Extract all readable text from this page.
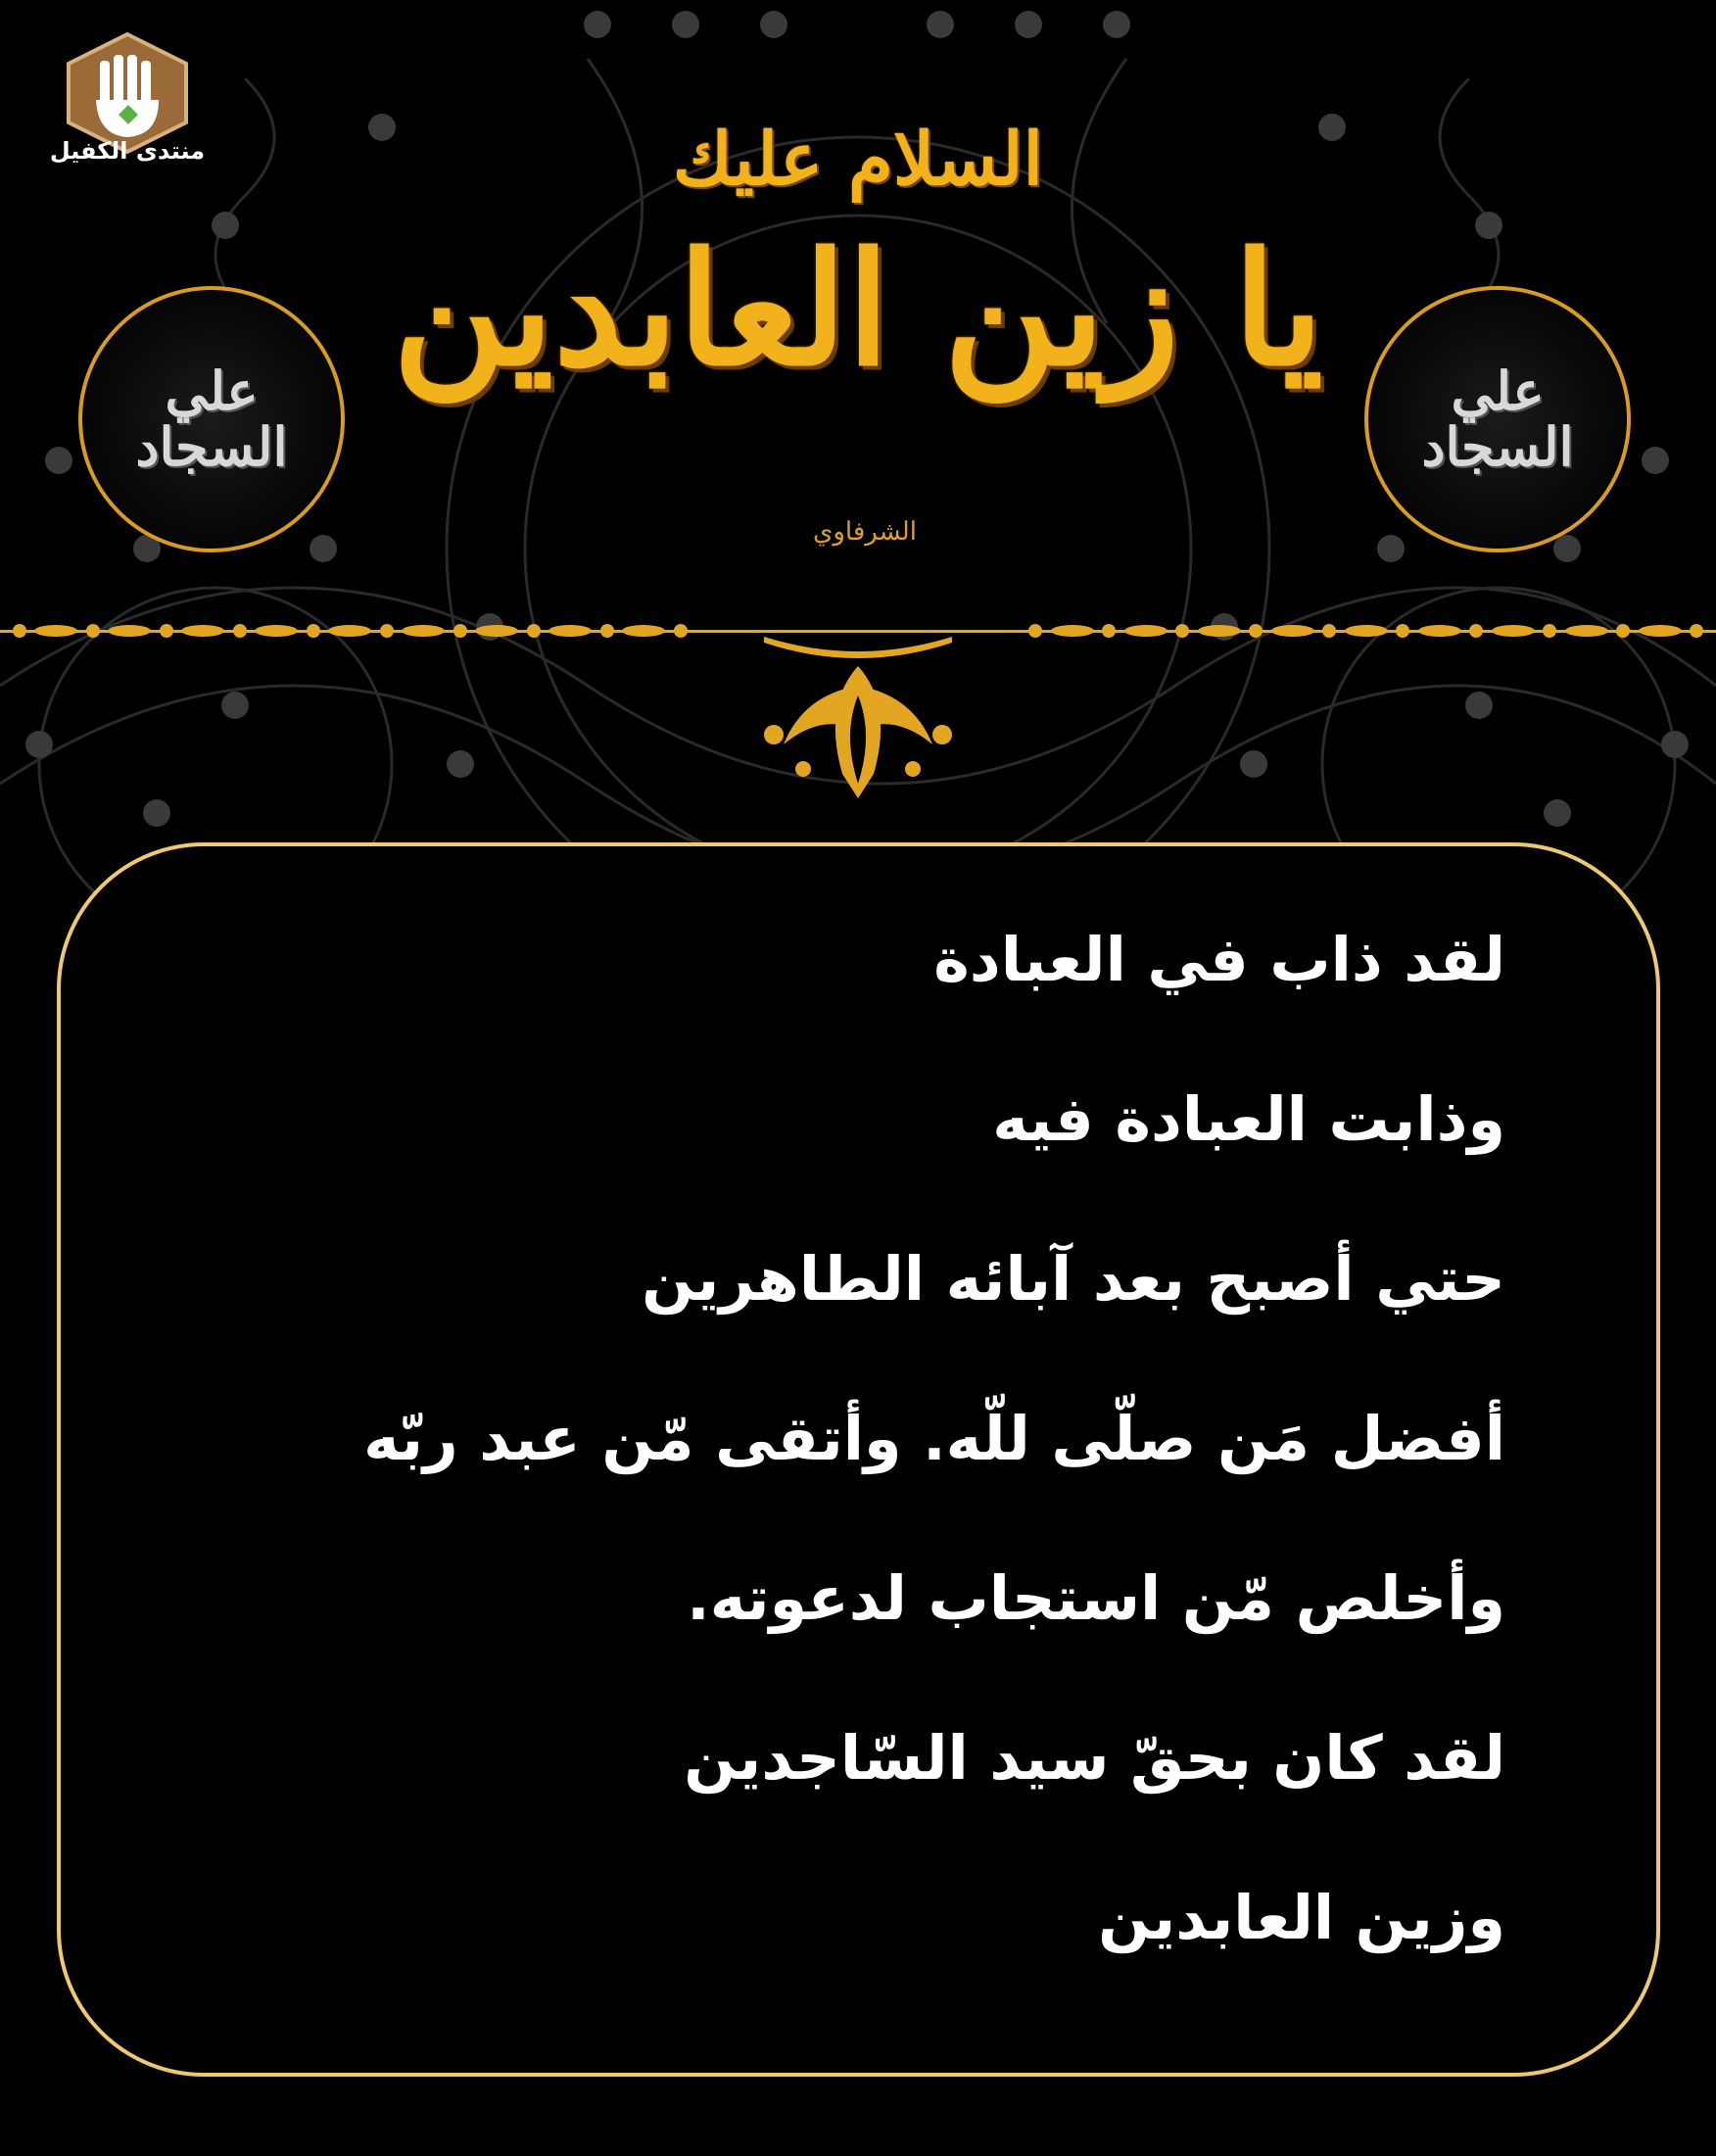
منتدى الكفيل	السلام عليك
يا زين العابدين
الشرفاوي
علي
السجاد
علي
السجاد
لقد ذاب في العبادة
وذابت العبادة فيه
حتي أصبح بعد آبائه الطاهرين
أفضل مَن صلّى للّه. وأتقى مّن عبد ربّه
وأخلص مّن استجاب لدعوته.
لقد كان بحقّ سيد السّاجدين
وزين العابدين
